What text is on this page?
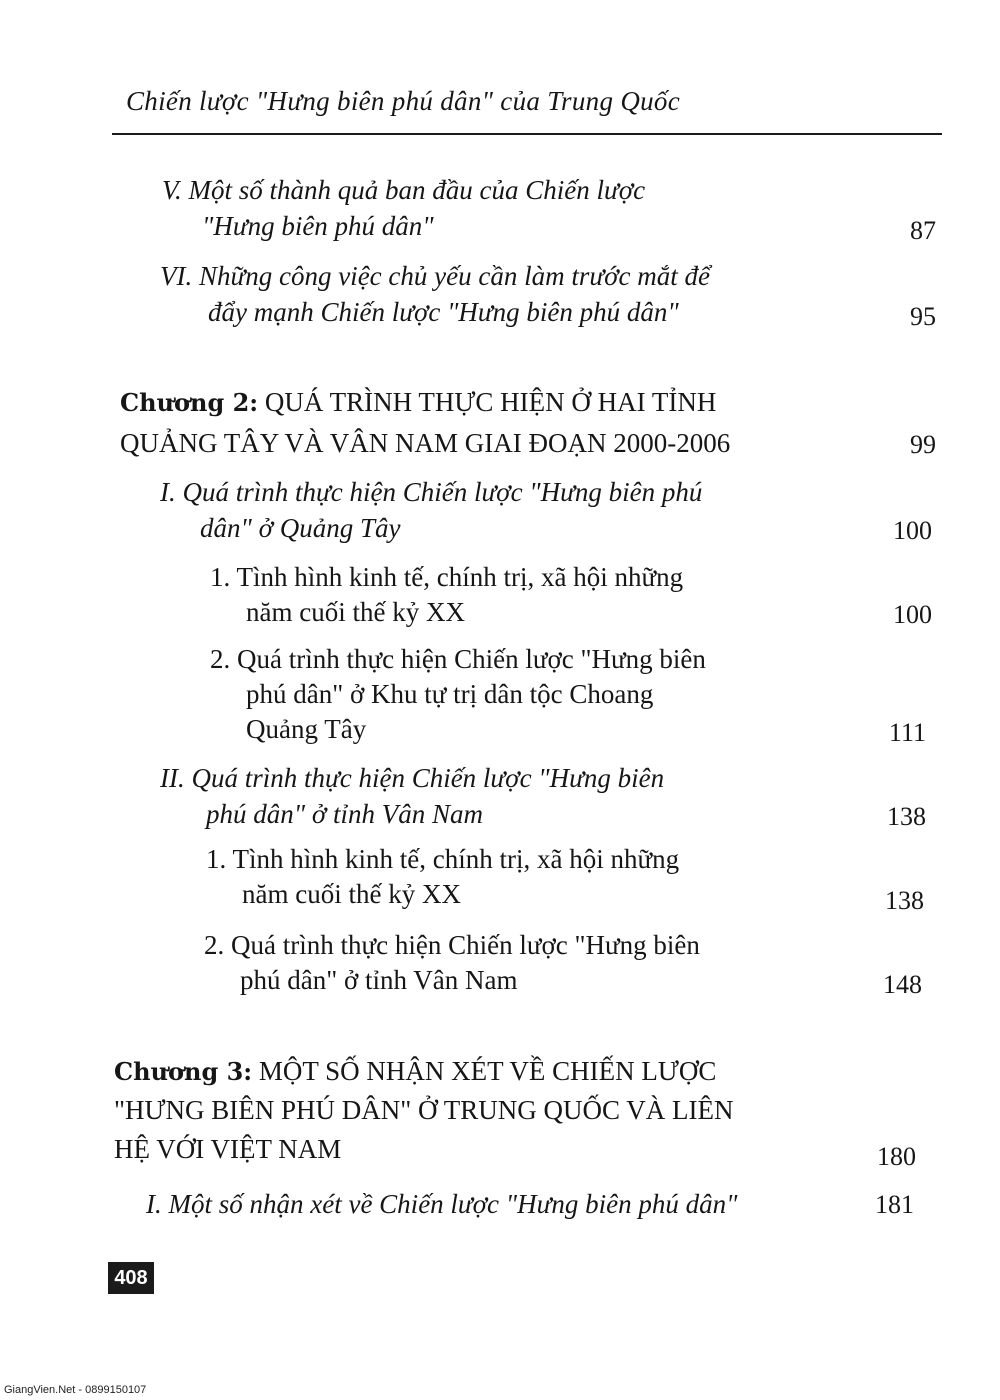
Chiến lược "Hưng biên phú dân" của Trung Quốc
V. Một số thành quả ban đầu của Chiến lược
"Hưng biên phú dân"	87
VI. Những công việc chủ yếu cần làm trước mắt để
đẩy mạnh Chiến lược "Hưng biên phú dân"	95
Chương 2: QUÁ TRÌNH THỰC HIỆN Ở HAI TỈNH
QUẢNG TÂY VÀ VÂN NAM GIAI ĐOẠN 2000-2006	99
I. Quá trình thực hiện Chiến lược "Hưng biên phú
dân" ở Quảng Tây	100
1. Tình hình kinh tế, chính trị, xã hội những
năm cuối thế kỷ XX	100
2. Quá trình thực hiện Chiến lược "Hưng biên
phú dân" ở Khu tự trị dân tộc Choang
Quảng Tây	111
II. Quá trình thực hiện Chiến lược "Hưng biên
phú dân" ở tỉnh Vân Nam	138
1. Tình hình kinh tế, chính trị, xã hội những
năm cuối thế kỷ XX	138
2. Quá trình thực hiện Chiến lược "Hưng biên
phú dân" ở tỉnh Vân Nam	148
Chương 3: MỘT SỐ NHẬN XÉT VỀ CHIẾN LƯỢC
"HƯNG BIÊN PHÚ DÂN" Ở TRUNG QUỐC VÀ LIÊN
HỆ VỚI VIỆT NAM	180
I. Một số nhận xét về Chiến lược "Hưng biên phú dân"	181
408
GiangVien.Net - 0899150107
